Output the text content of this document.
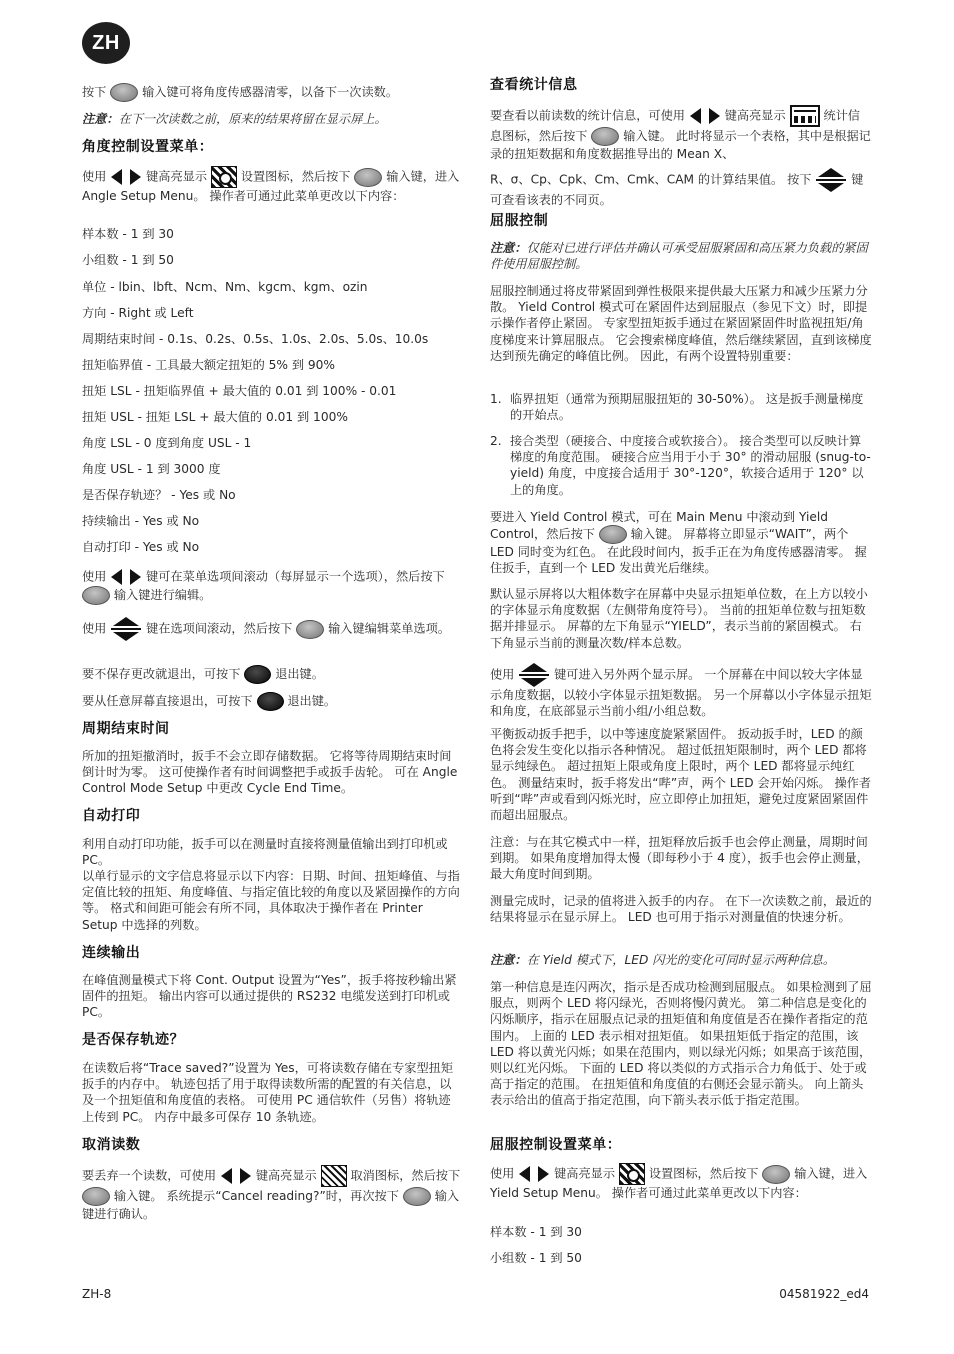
ZH

按下	输入键可将角度传感器清零，以备下一次读数。

注意：在下一次读数之前，原来的结果将留在显示屏上。

角度控制设置菜单：

使用	键高亮显示	设置图标，然后按下	输入键，进入 Angle Setup Menu。 操作者可通过此菜单更改以下内容：

样本数 - 1 到 30

小组数 - 1 到 50

单位 - lbin、lbft、Ncm、Nm、kgcm、kgm、ozin

方向 - Right 或 Left

周期结束时间 - 0.1s、0.2s、0.5s、1.0s、2.0s、5.0s、10.0s

扭矩临界值 - 工具最大额定扭矩的 5% 到 90%

扭矩 LSL - 扭矩临界值 + 最大值的 0.01 到 100% - 0.01

扭矩 USL - 扭矩 LSL + 最大值的 0.01 到 100%

角度 LSL - 0 度到角度 USL - 1

角度 USL - 1 到 3000 度

是否保存轨迹？ - Yes 或 No

持续输出 - Yes 或 No

自动打印 - Yes 或 No

使用	键可在菜单选项间滚动（每屏显示一个选项），然后按下  输入键进行编辑。

使用	键在选项间滚动，然后按下	输入键编辑菜单选项。

要不保存更改就退出，可按下	退出键。

要从任意屏幕直接退出，可按下	退出键。

周期结束时间

所加的扭矩撤消时，扳手不会立即存储数据。 它将等待周期结束时间倒计时为零。 这可使操作者有时间调整把手或扳手齿轮。 可在 Angle Control Mode Setup 中更改 Cycle End Time。

自动打印

利用自动打印功能，扳手可以在测量时直接将测量值输出到打印机或 PC。

以单行显示的文字信息将显示以下内容：日期、时间、扭矩峰值、与指定值比较的扭矩、角度峰值、与指定值比较的角度以及紧固操作的方向等。 格式和间距可能会有所不同，具体取决于操作者在 Printer Setup 中选择的列数。

连续输出

在峰值测量模式下将 Cont. Output 设置为“Yes”，扳手将按秒输出紧固件的扭矩。 输出内容可以通过提供的 RS232 电缆发送到打印机或 PC。

是否保存轨迹？

在读数后将“Trace saved?”设置为 Yes，可将读数存储在专家型扭矩扳手的内存中。 轨迹包括了用于取得读数所需的配置的有关信息，以及一个扭矩值和角度值的表格。 可使用 PC 通信软件（另售）将轨迹上传到 PC。 内存中最多可保存 10 条轨迹。

取消读数

要丢弃一个读数，可使用	键高亮显示	取消图标，然后按下  输入键。 系统提示“Cancel reading?”时，再次按下	输入键进行确认。

查看统计信息

要查看以前读数的统计信息，可使用	键高亮显示	统计信息图标，然后按下	输入键。 此时将显示一个表格，其中是根据记录的扭矩数据和角度数据推导出的 Mean X、

R、σ、Cp、Cpk、Cm、Cmk、CAM 的计算结果值。 按下	键可查看该表的不同页。

屈服控制

注意：仅能对已进行评估并确认可承受屈服紧固和高压紧力负载的紧固件使用屈服控制。

屈服控制通过将皮带紧固到弹性极限来提供最大压紧力和减少压紧力分散。 Yield Control 模式可在紧固件达到屈服点（参见下文）时，即提示操作者停止紧固。 专家型扭矩扳手通过在紧固紧固件时监视扭矩/角度梯度来计算屈服点。 它会搜索梯度峰值，然后继续紧固，直到该梯度达到预先确定的峰值比例。 因此，有两个设置特别重要：

1. 临界扭矩（通常为预期屈服扭矩的 30-50%）。 这是扳手测量梯度的开始点。
2. 接合类型（硬接合、中度接合或软接合）。 接合类型可以反映计算梯度的角度范围。 硬接合应当用于小于 30° 的滑动屈服 (snug-to-yield) 角度，中度接合适用于 30°-120°，软接合适用于 120° 以上的角度。

要进入 Yield Control 模式，可在 Main Menu 中滚动到 Yield Control，然后按下	输入键。 屏幕将立即显示“WAIT”，两个 LED 同时变为红色。 在此段时间内，扳手正在为角度传感器清零。 握住扳手，直到一个 LED 发出黄光后继续。

默认显示屏将以大粗体数字在屏幕中央显示扭矩单位数，在上方以较小的字体显示角度数据（左侧带角度符号）。 当前的扭矩单位数与扭矩数据并排显示。 屏幕的左下角显示“YIELD”，表示当前的紧固模式。 右下角显示当前的测量次数/样本总数。

使用	键可进入另外两个显示屏。 一个屏幕在中间以较大字体显示角度数据，以较小字体显示扭矩数据。 另一个屏幕以小字体显示扭矩和角度，在底部显示当前小组/小组总数。

平衡扳动扳手把手，以中等速度旋紧紧固件。 扳动扳手时，LED 的颜色将会发生变化以指示各种情况。 超过低扭矩限制时，两个 LED 都将显示纯绿色。 超过扭矩上限或角度上限时，两个 LED 都将显示纯红色。 测量结束时，扳手将发出“哔”声，两个 LED 会开始闪烁。 操作者听到“哔”声或看到闪烁光时，应立即停止加扭矩，避免过度紧固紧固件而超出屈服点。

注意：与在其它模式中一样，扭矩释放后扳手也会停止测量，周期时间到期。 如果角度增加得太慢（即每秒小于 4 度），扳手也会停止测量，最大角度时间到期。

测量完成时，记录的值将进入扳手的内存。 在下一次读数之前，最近的结果将显示在显示屏上。 LED 也可用于指示对测量值的快速分析。

注意：在 Yield 模式下，LED 闪光的变化可同时显示两种信息。

第一种信息是连闪两次，指示是否成功检测到屈服点。 如果检测到了屈服点，则两个 LED 将闪绿光，否则将慢闪黄光。 第二种信息是变化的闪烁顺序，指示在屈服点记录的扭矩值和角度值是否在操作者指定的范围内。 上面的 LED 表示相对扭矩值。 如果扭矩低于指定的范围，该 LED 将以黄光闪烁；如果在范围内，则以绿光闪烁；如果高于该范围，则以红光闪烁。 下面的 LED 将以类似的方式指示合力角低于、处于或高于指定的范围。 在扭矩值和角度值的右侧还会显示箭头。 向上箭头表示给出的值高于指定范围，向下箭头表示低于指定范围。

屈服控制设置菜单：

使用	键高亮显示	设置图标，然后按下	输入键，进入 Yield Setup Menu。 操作者可通过此菜单更改以下内容：

样本数 - 1 到 30

小组数 - 1 到 50

ZH-8	04581922_ed4
